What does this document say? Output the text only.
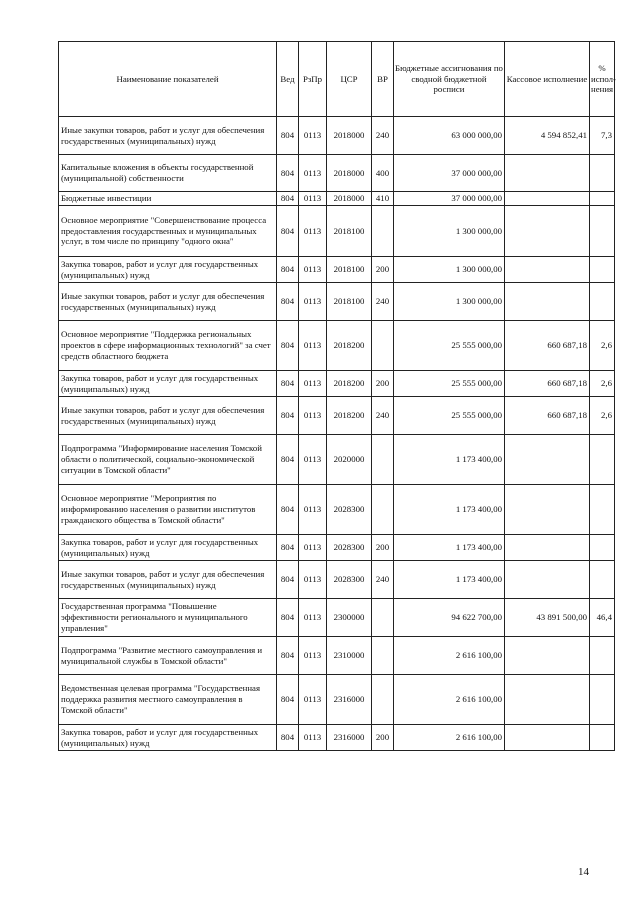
Наименование показателей	Вед	РзПр	ЦСР	ВР	Бюджетные ассигнования по сводной бюджетной росписи	Кассовое исполнение	% испол-нения
Иные закупки товаров, работ и услуг для обеспечения государственных (муниципальных) нужд	804	0113	2018000	240	63 000 000,00	4 594 852,41	7,3
Капитальные вложения в объекты государственной (муниципальной) собственности	804	0113	2018000	400	37 000 000,00		
Бюджетные инвестиции	804	0113	2018000	410	37 000 000,00		
Основное мероприятие "Совершенствование процесса предоставления государственных и муниципальных услуг, в том числе по принципу "одного окна"	804	0113	2018100		1 300 000,00		
Закупка товаров, работ и услуг для государственных (муниципальных) нужд	804	0113	2018100	200	1 300 000,00		
Иные закупки товаров, работ и услуг для обеспечения государственных (муниципальных) нужд	804	0113	2018100	240	1 300 000,00		
Основное мероприятие "Поддержка региональных проектов в сфере информационных технологий" за счет средств областного бюджета	804	0113	2018200		25 555 000,00	660 687,18	2,6
Закупка товаров, работ и услуг для государственных (муниципальных) нужд	804	0113	2018200	200	25 555 000,00	660 687,18	2,6
Иные закупки товаров, работ и услуг для обеспечения государственных (муниципальных) нужд	804	0113	2018200	240	25 555 000,00	660 687,18	2,6
Подпрограмма "Информирование населения Томской области о политической, социально-экономической ситуации в Томской области"	804	0113	2020000		1 173 400,00		
Основное мероприятие "Мероприятия по информированию населения о развитии институтов гражданского общества в Томской области"	804	0113	2028300		1 173 400,00		
Закупка товаров, работ и услуг для государственных (муниципальных) нужд	804	0113	2028300	200	1 173 400,00		
Иные закупки товаров, работ и услуг для обеспечения государственных (муниципальных) нужд	804	0113	2028300	240	1 173 400,00		
Государственная программа "Повышение эффективности регионального и муниципального управления"	804	0113	2300000		94 622 700,00	43 891 500,00	46,4
Подпрограмма "Развитие местного самоуправления и муниципальной службы в Томской области"	804	0113	2310000		2 616 100,00		
Ведомственная целевая программа "Государственная поддержка развития местного самоуправления в Томской области"	804	0113	2316000		2 616 100,00		
Закупка товаров, работ и услуг для государственных (муниципальных) нужд	804	0113	2316000	200	2 616 100,00		
14
